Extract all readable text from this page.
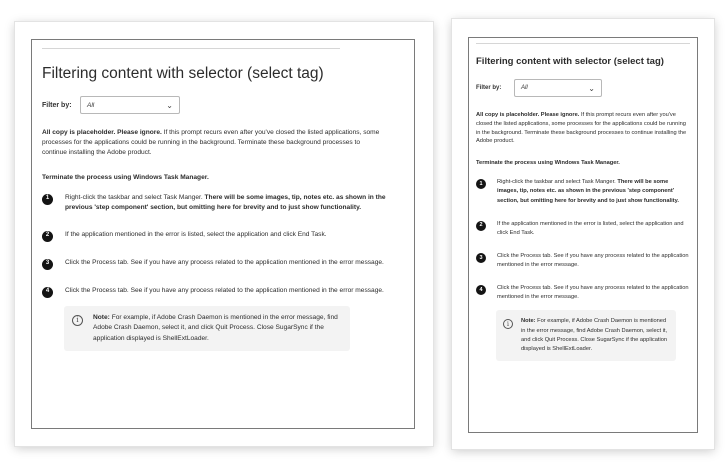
Filtering content with selector (select tag)
Filter by:	All	⌄

All copy is placeholder. Please ignore. If this prompt recurs even after you've closed the listed applications, some processes for the applications could be running in the background. Terminate these background processes to continue installing the Adobe product.

Terminate the process using Windows Task Manager.

1	Right-click the taskbar and select Task Manger. There will be some images, tip, notes etc. as shown in the previous 'step component' section, but omitting here for brevity and to just show functionality.
2	If the application mentioned in the error is listed, select the application and click End Task.
3	Click the Process tab. See if you have any process related to the application mentioned in the error message.
4	Click the Process tab. See if you have any process related to the application mentioned in the error message.
i	Note: For example, if Adobe Crash Daemon is mentioned in the error message, find Adobe Crash Daemon, select it, and click Quit Process. Close SugarSync if the application displayed is ShellExtLoader.
Filtering content with selector (select tag)
Filter by:	All	⌄

All copy is placeholder. Please ignore. If this prompt recurs even after you've closed the listed applications, some processes for the applications could be running in the background. Terminate these background processes to continue installing the Adobe product.

Terminate the process using Windows Task Manager.

1	Right-click the taskbar and select Task Manger. There will be some images, tip, notes etc. as shown in the previous 'step component' section, but omitting here for brevity and to just show functionality.
2	If the application mentioned in the error is listed, select the application and click End Task.
3	Click the Process tab. See if you have any process related to the application mentioned in the error message.
4	Click the Process tab. See if you have any process related to the application mentioned in the error message.
i	Note: For example, if Adobe Crash Daemon is mentioned in the error message, find Adobe Crash Daemon, select it, and click Quit Process. Close SugarSync if the application displayed is ShellExtLoader.
